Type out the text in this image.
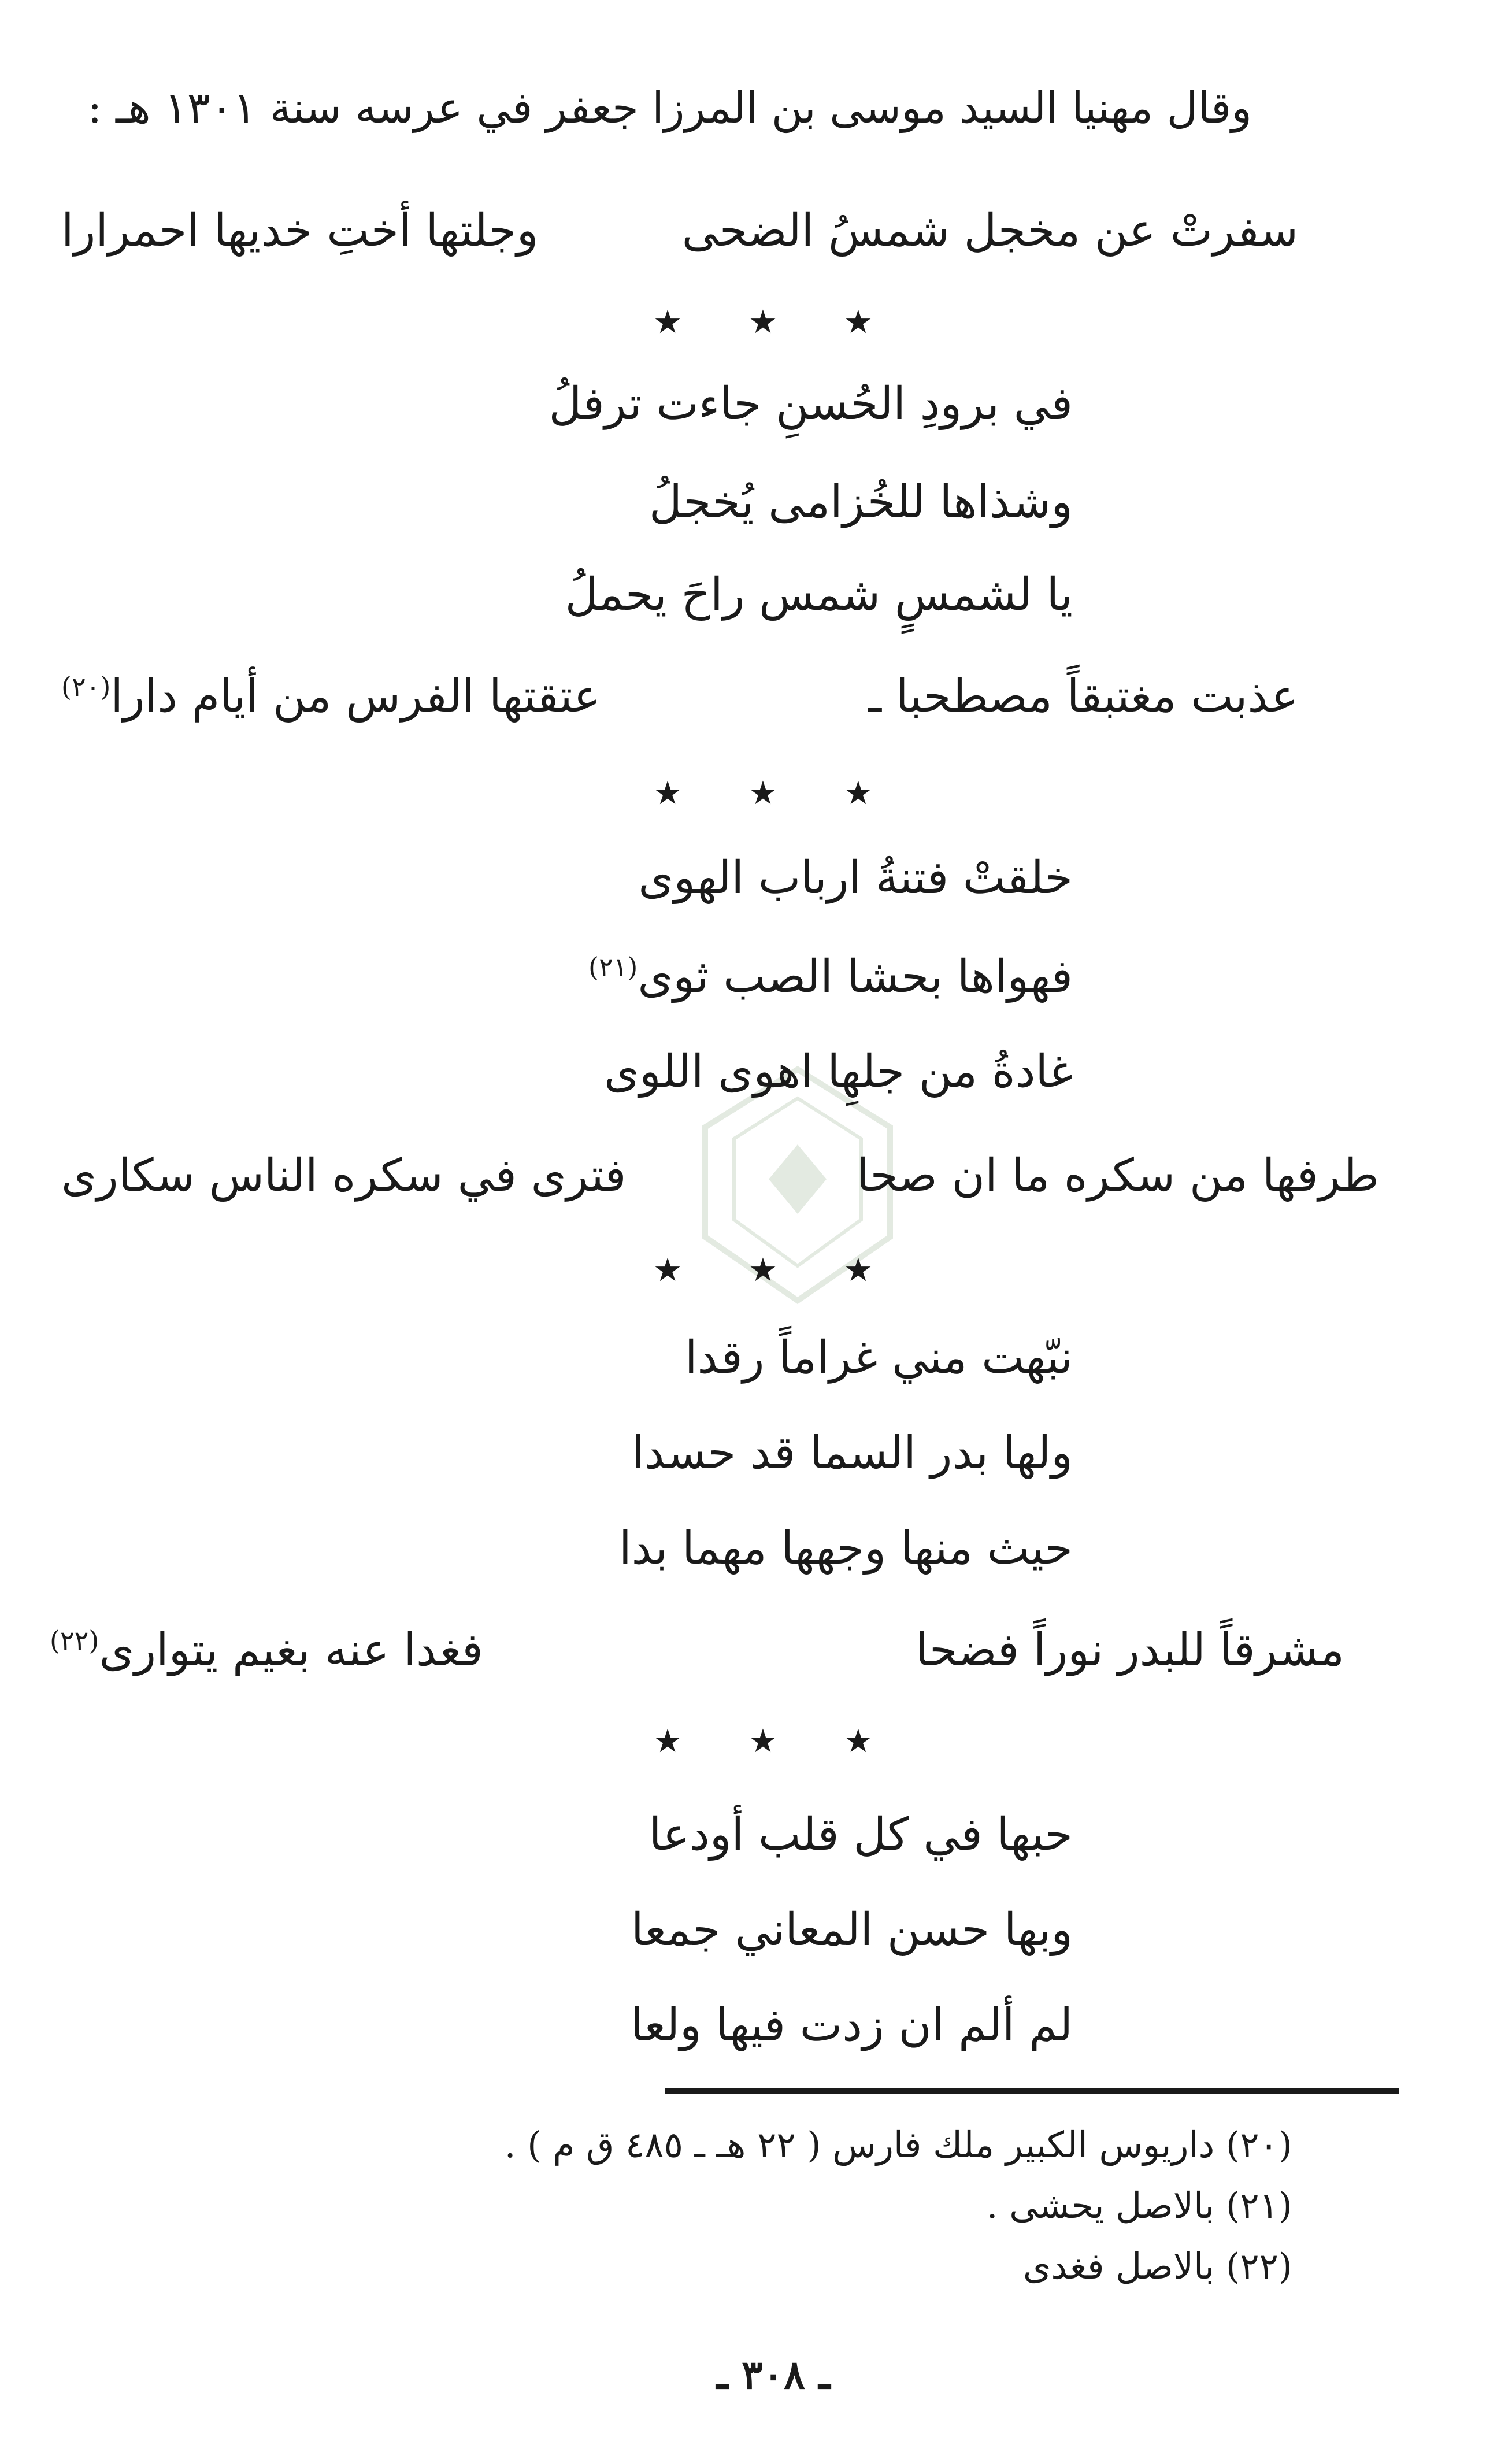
وقال مهنيا السيد موسى بن المرزا جعفر في عرسه سنة ١٣٠١ هـ :
سفرتْ عن مخجل شمسُ الضحى
وجلتها أختِ خديها احمرارا
★ ★ ★
في برودِ الحُسنِ جاءت ترفلُ
وشذاها للخُزامى يُخجلُ
يا لشمسٍ شمس راحَ يحملُ
عذبت مغتبقاً مصطحبا ـ
عتقتها الفرس من أيام دارا$^{(٢٠)}$
★ ★ ★
خلقتْ فتنةُ ارباب الهوى
فهواها بحشا الصب ثوى$^{(٢١)}$
غادةُ من جلهِا اهوى اللوى
طرفها من سكره ما ان صحا
فترى في سكره الناس سكارى
★ ★ ★
نبّهت مني غراماً رقدا
ولها بدر السما قد حسدا
حيث منها وجهها مهما بدا
مشرقاً للبدر نوراً فضحا
فغدا عنه بغيم يتوارى$^{(٢٢)}$
★ ★ ★
حبها في كل قلب أودعا
وبها حسن المعاني جمعا
لم ألم ان زدت فيها ولعا
(٢٠) داريوس الكبير ملك فارس ( ٢٢ هـ ـ ٤٨٥ ق م ) .
(٢١) بالاصل يحشى .
(٢٢) بالاصل فغدى
ـ ٣٠٨ ـ
